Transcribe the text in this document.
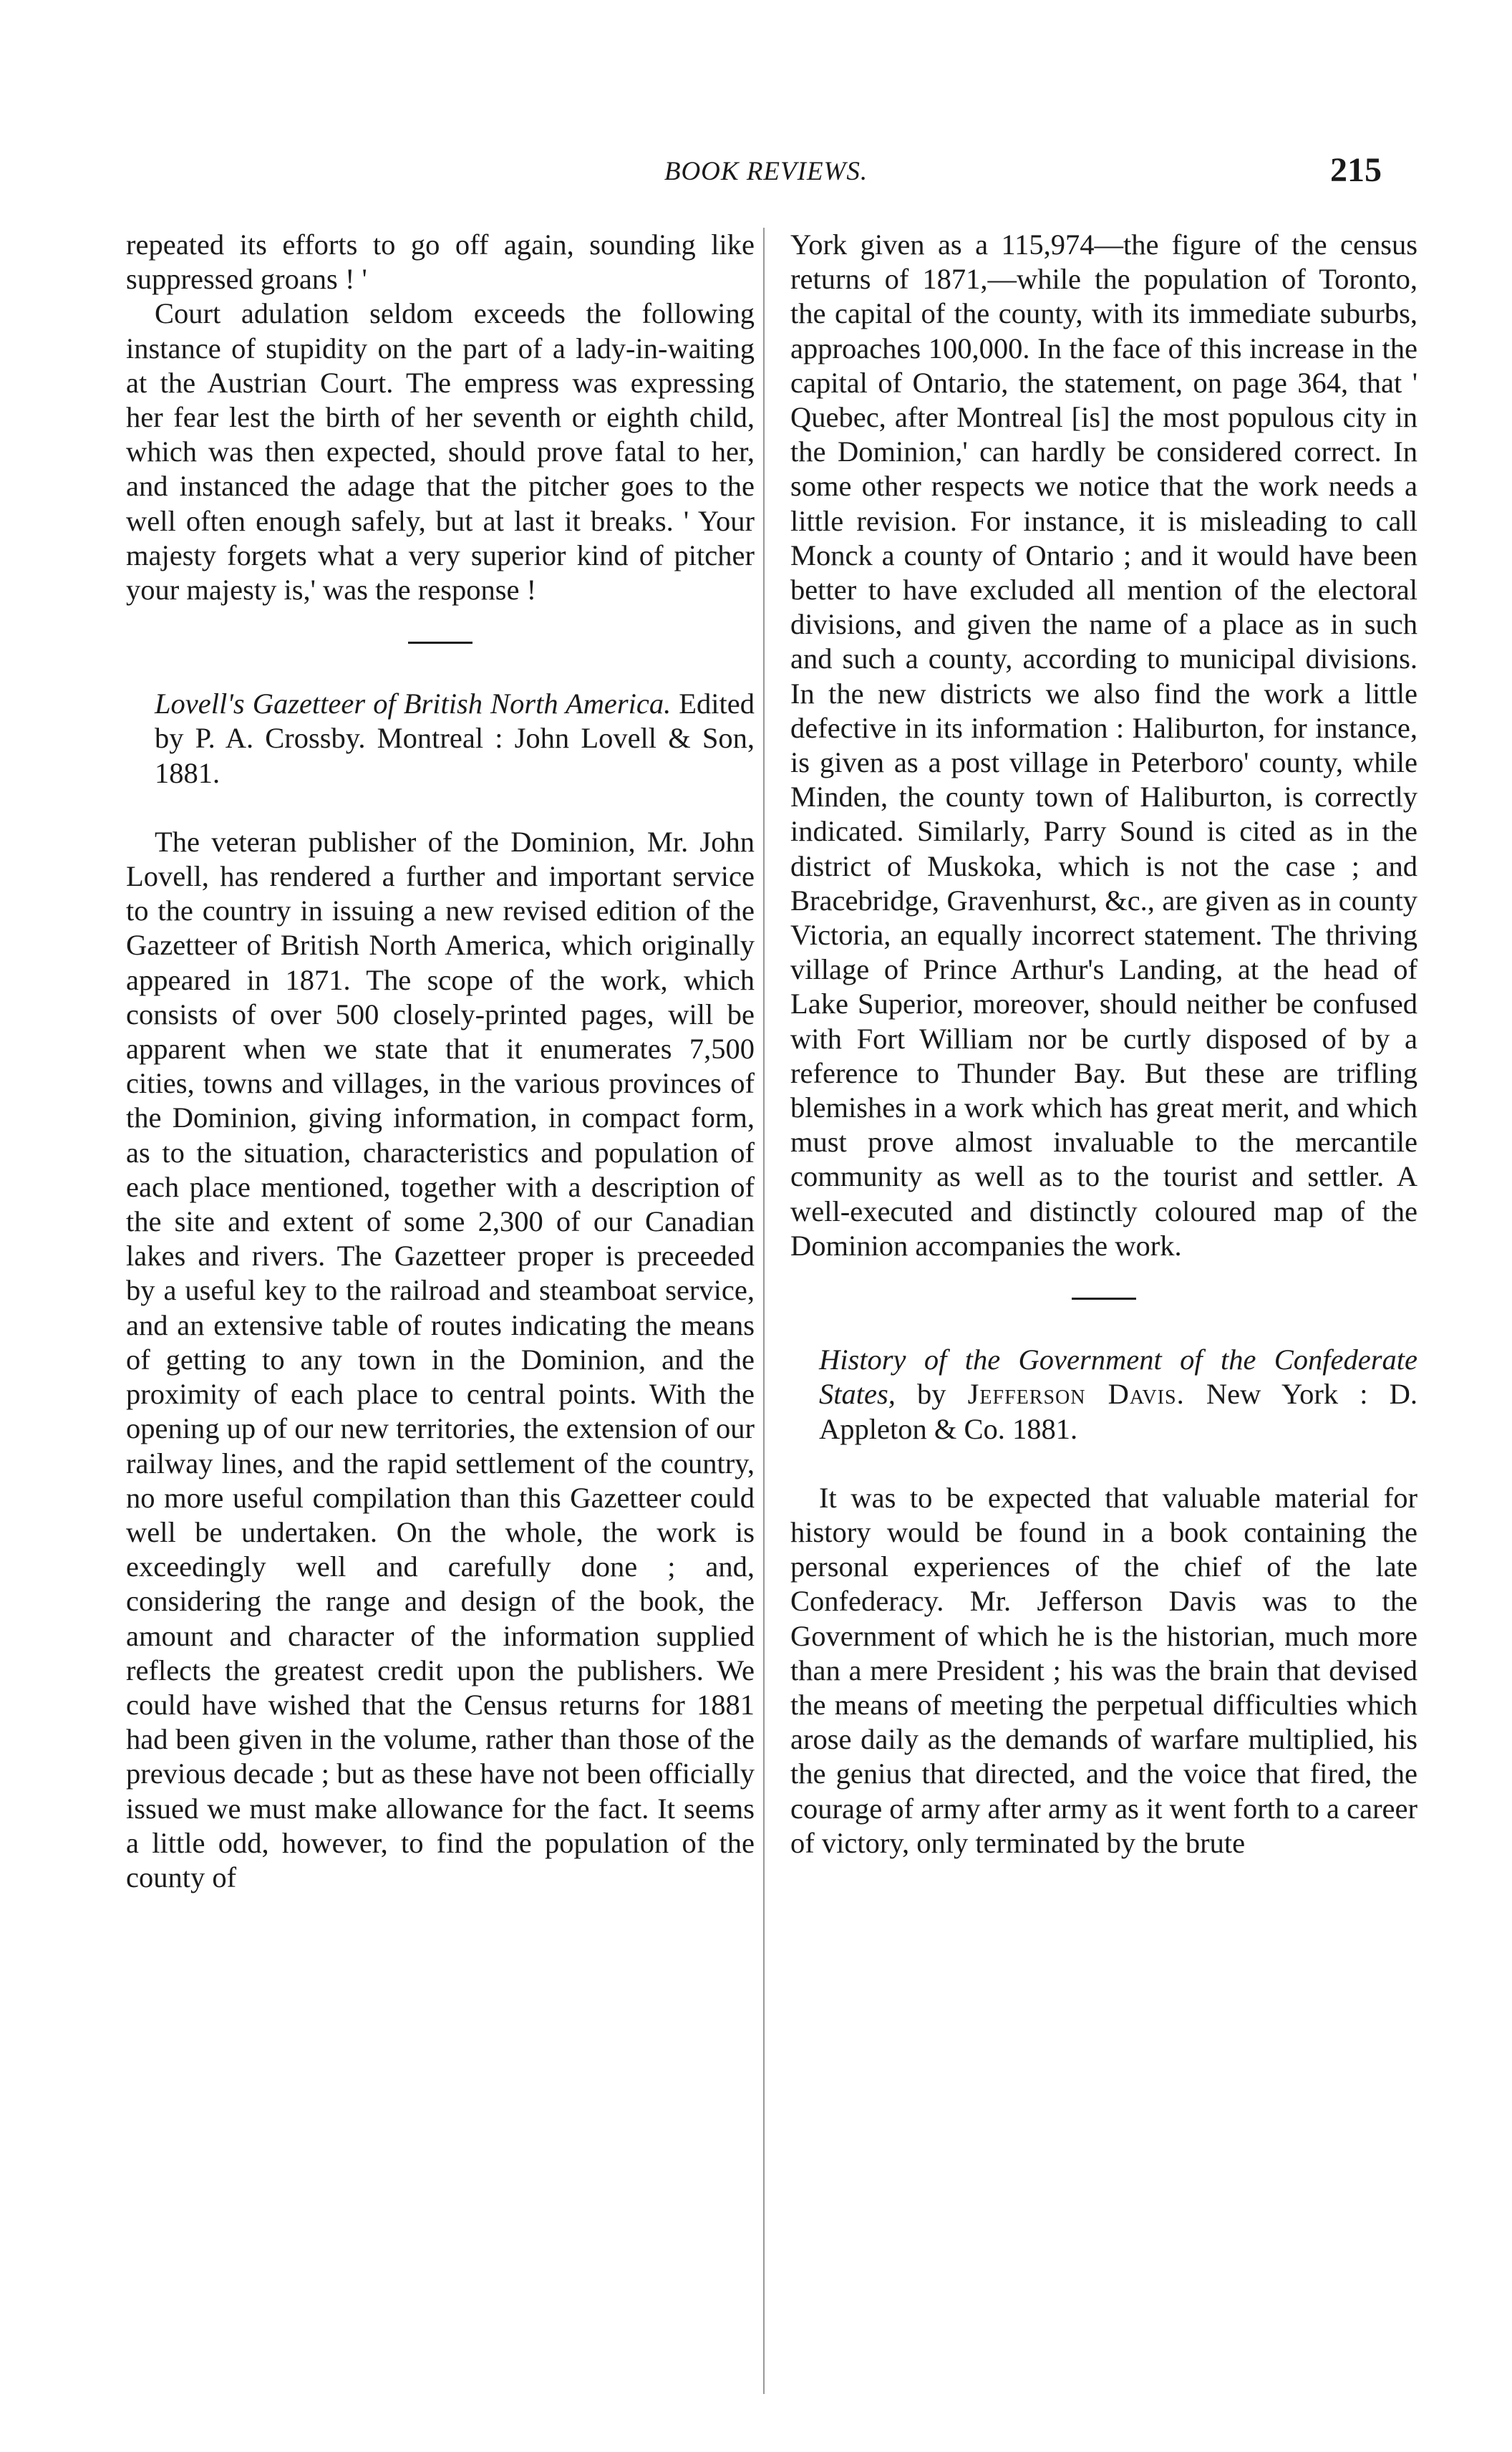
BOOK REVIEWS.	215

repeated its efforts to go off again, sounding like suppressed groans ! '

Court adulation seldom exceeds the following instance of stupidity on the part of a lady-in-waiting at the Austrian Court. The empress was expressing her fear lest the birth of her seventh or eighth child, which was then expected, should prove fatal to her, and instanced the adage that the pitcher goes to the well often enough safely, but at last it breaks. ' Your majesty forgets what a very superior kind of pitcher your majesty is,' was the response !

Lovell's Gazetteer of British North America. Edited by P. A. Crossby. Montreal : John Lovell & Son, 1881.

The veteran publisher of the Dominion, Mr. John Lovell, has rendered a further and important service to the country in issuing a new revised edition of the Gazetteer of British North America, which originally appeared in 1871. The scope of the work, which consists of over 500 closely-printed pages, will be apparent when we state that it enumerates 7,500 cities, towns and villages, in the various provinces of the Dominion, giving information, in compact form, as to the situation, characteristics and population of each place mentioned, together with a description of the site and extent of some 2,300 of our Canadian lakes and rivers. The Gazetteer proper is preceeded by a useful key to the railroad and steamboat service, and an extensive table of routes indicating the means of getting to any town in the Dominion, and the proximity of each place to central points. With the opening up of our new territories, the extension of our railway lines, and the rapid settlement of the country, no more useful compilation than this Gazetteer could well be undertaken. On the whole, the work is exceedingly well and carefully done ; and, considering the range and design of the book, the amount and character of the information supplied reflects the greatest credit upon the publishers. We could have wished that the Census returns for 1881 had been given in the volume, rather than those of the previous decade ; but as these have not been officially issued we must make allowance for the fact. It seems a little odd, however, to find the population of the county of

York given as a 115,974—the figure of the census returns of 1871,—while the population of Toronto, the capital of the county, with its immediate suburbs, approaches 100,000. In the face of this increase in the capital of Ontario, the statement, on page 364, that ' Quebec, after Montreal [is] the most populous city in the Dominion,' can hardly be considered correct. In some other respects we notice that the work needs a little revision. For instance, it is misleading to call Monck a county of Ontario ; and it would have been better to have excluded all mention of the electoral divisions, and given the name of a place as in such and such a county, according to municipal divisions. In the new districts we also find the work a little defective in its information : Haliburton, for instance, is given as a post village in Peterboro' county, while Minden, the county town of Haliburton, is correctly indicated. Similarly, Parry Sound is cited as in the district of Muskoka, which is not the case ; and Bracebridge, Gravenhurst, &c., are given as in county Victoria, an equally incorrect statement. The thriving village of Prince Arthur's Landing, at the head of Lake Superior, moreover, should neither be confused with Fort William nor be curtly disposed of by a reference to Thunder Bay. But these are trifling blemishes in a work which has great merit, and which must prove almost invaluable to the mercantile community as well as to the tourist and settler. A well-executed and distinctly coloured map of the Dominion accompanies the work.

History of the Government of the Confederate States, by Jefferson Davis. New York : D. Appleton & Co. 1881.

It was to be expected that valuable material for history would be found in a book containing the personal experiences of the chief of the late Confederacy. Mr. Jefferson Davis was to the Government of which he is the historian, much more than a mere President ; his was the brain that devised the means of meeting the perpetual difficulties which arose daily as the demands of warfare multiplied, his the genius that directed, and the voice that fired, the courage of army after army as it went forth to a career of victory, only terminated by the brute
